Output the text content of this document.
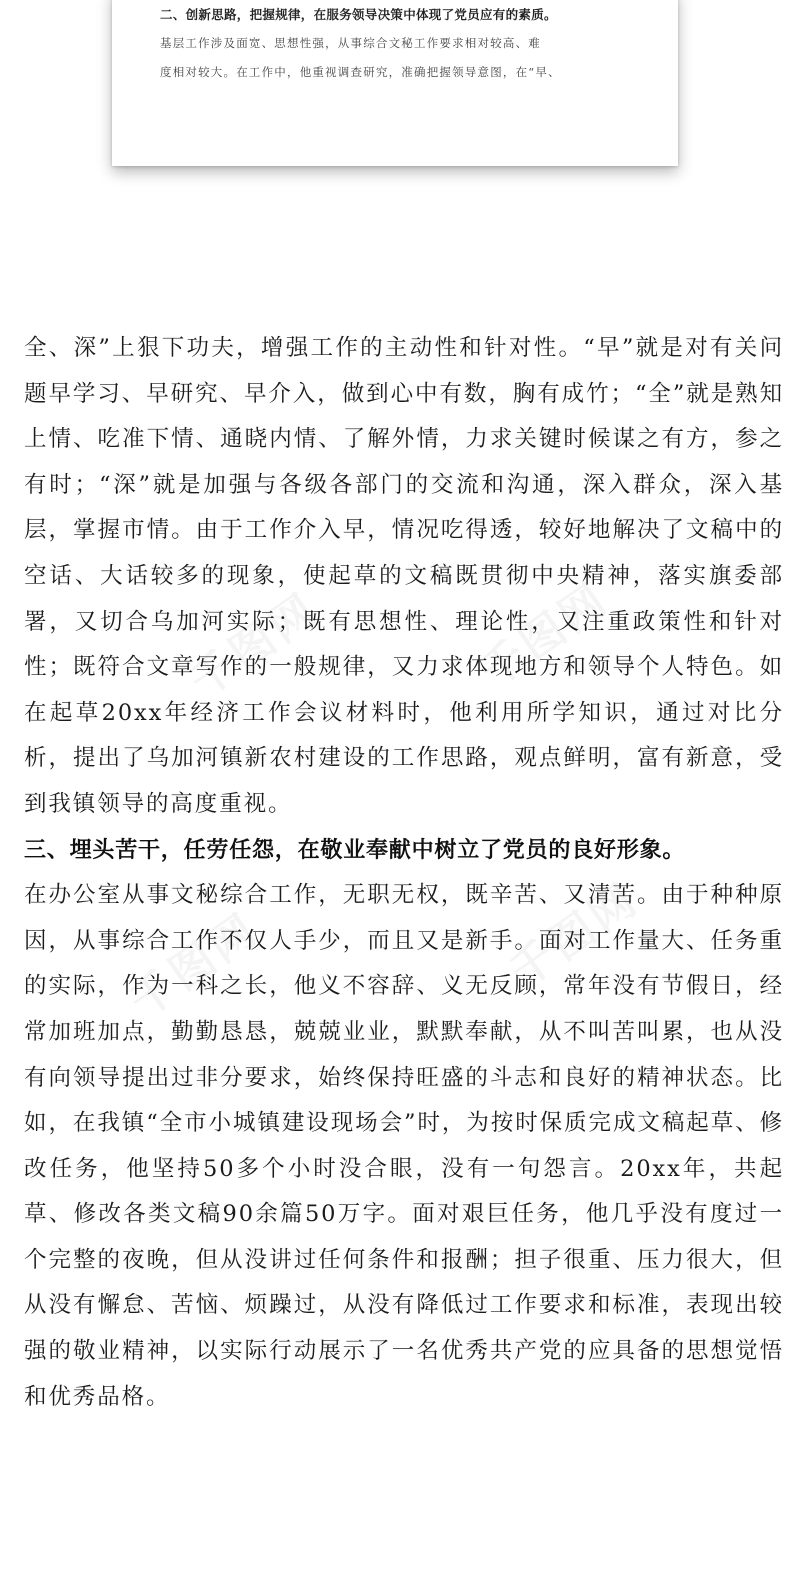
二、创新思路，把握规律，在服务领导决策中体现了党员应有的素质。
基层工作涉及面宽、思想性强，从事综合文秘工作要求相对较高、难
度相对较大。在工作中，他重视调查研究，准确把握领导意图，在“早、

全、深”上狠下功夫，增强工作的主动性和针对性。“早”就是对有关问题早学习、早研究、早介入，做到心中有数，胸有成竹；“全”就是熟知上情、吃准下情、通晓内情、了解外情，力求关键时候谋之有方，参之有时；“深”就是加强与各级各部门的交流和沟通，深入群众，深入基层，掌握市情。由于工作介入早，情况吃得透，较好地解决了文稿中的空话、大话较多的现象，使起草的文稿既贯彻中央精神，落实旗委部署，又切合乌加河实际；既有思想性、理论性，又注重政策性和针对性；既符合文章写作的一般规律，又力求体现地方和领导个人特色。如在起草20xx年经济工作会议材料时，他利用所学知识，通过对比分析，提出了乌加河镇新农村建设的工作思路，观点鲜明，富有新意，受到我镇领导的高度重视。

三、埋头苦干，任劳任怨，在敬业奉献中树立了党员的良好形象。

在办公室从事文秘综合工作，无职无权，既辛苦、又清苦。由于种种原因，从事综合工作不仅人手少，而且又是新手。面对工作量大、任务重的实际，作为一科之长，他义不容辞、义无反顾，常年没有节假日，经常加班加点，勤勤恳恳，兢兢业业，默默奉献，从不叫苦叫累，也从没有向领导提出过非分要求，始终保持旺盛的斗志和良好的精神状态。比如，在我镇“全市小城镇建设现场会”时，为按时保质完成文稿起草、修改任务，他坚持50多个小时没合眼，没有一句怨言。20xx年，共起草、修改各类文稿90余篇50万字。面对艰巨任务，他几乎没有度过一个完整的夜晚，但从没讲过任何条件和报酬；担子很重、压力很大，但从没有懈怠、苦恼、烦躁过，从没有降低过工作要求和标准，表现出较强的敬业精神，以实际行动展示了一名优秀共产党的应具备的思想觉悟和优秀品格。
